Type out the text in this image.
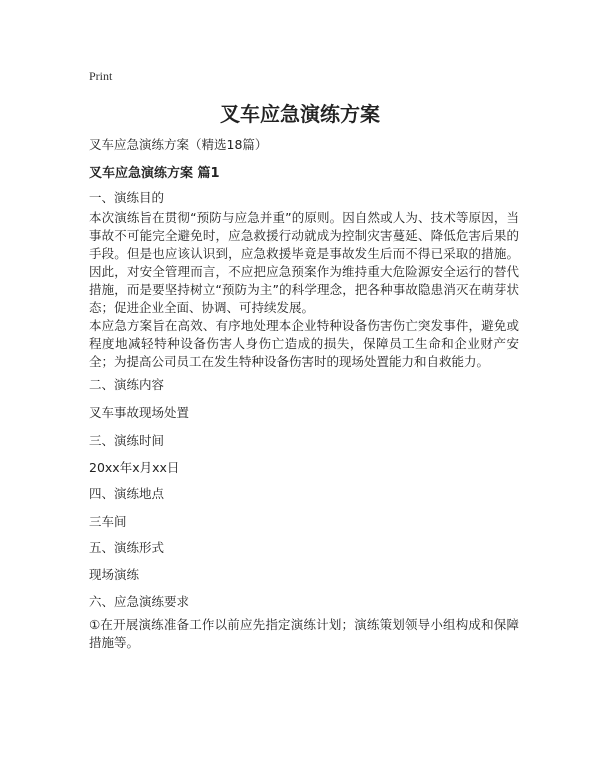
Print
叉车应急演练方案
叉车应急演练方案（精选18篇）
叉车应急演练方案 篇1
一、演练目的
本次演练旨在贯彻“预防与应急并重”的原则。因自然或人为、技术等原因，当事故不可能完全避免时，应急救援行动就成为控制灾害蔓延、降低危害后果的手段。但是也应该认识到，应急救援毕竟是事故发生后而不得已采取的措施。因此，对安全管理而言，不应把应急预案作为维持重大危险源安全运行的替代措施，而是要坚持树立“预防为主”的科学理念，把各种事故隐患消灭在萌芽状态；促进企业全面、协调、可持续发展。
本应急方案旨在高效、有序地处理本企业特种设备伤害伤亡突发事件，避免或程度地减轻特种设备伤害人身伤亡造成的损失，保障员工生命和企业财产安全；为提高公司员工在发生特种设备伤害时的现场处置能力和自救能力。
二、演练内容
叉车事故现场处置
三、演练时间
20xx年x月xx日
四、演练地点
三车间
五、演练形式
现场演练
六、应急演练要求
①在开展演练准备工作以前应先指定演练计划；演练策划领导小组构成和保障措施等。
